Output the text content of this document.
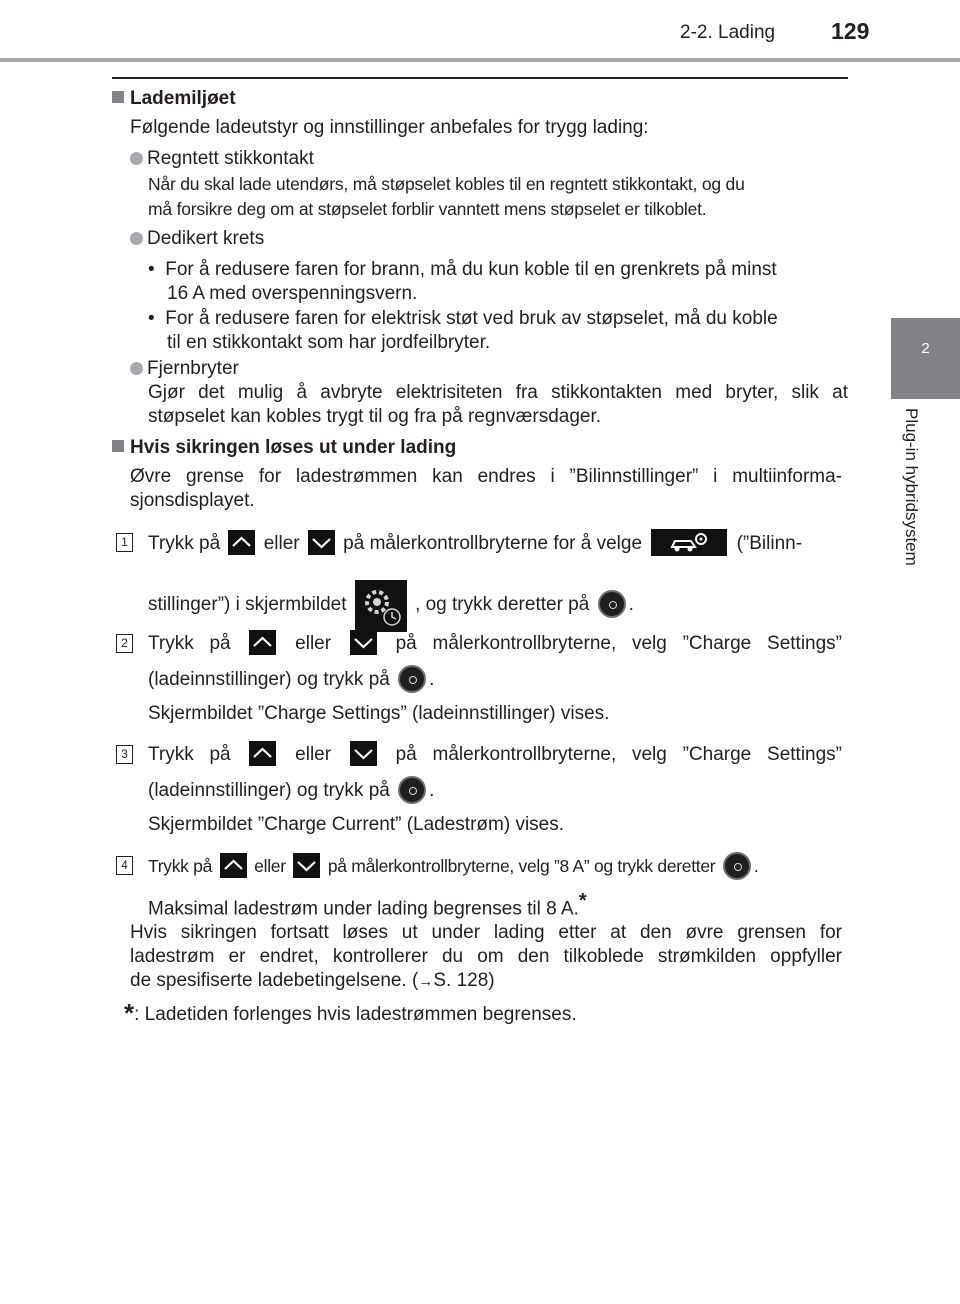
2-2. Lading 129
2
Plug-in hybridsystem
Lademiljøet
Følgende ladeutstyr og innstillinger anbefales for trygg lading:
Regntett stikkontakt
Når du skal lade utendørs, må støpselet kobles til en regntett stikkontakt, og du
må forsikre deg om at støpselet forblir vanntett mens støpselet er tilkoblet.
Dedikert krets
•  For å redusere faren for brann, må du kun koble til en grenkrets på minst
16 A med overspenningsvern.
•  For å redusere faren for elektrisk støt ved bruk av støpselet, må du koble
til en stikkontakt som har jordfeilbryter.
Fjernbryter
Gjør det mulig å avbryte elektrisiteten fra stikkontakten med bryter, slik at
støpselet kan kobles trygt til og fra på regnværsdager.
Hvis sikringen løses ut under lading
Øvre grense for ladestrømmen kan endres i ”Bilinnstillinger” i multiinforma-
sjonsdisplayet.
1 Trykk på eller på målerkontrollbryterne for å velge	(”Bilinn-
stillinger”) i skjermbildet	, og trykk deretter på .
2 Trykk på	eller	på målerkontrollbryterne, velg ”Charge Settings”
(ladeinnstillinger) og trykk på .
Skjermbildet ”Charge Settings” (ladeinnstillinger) vises.
3 Trykk på	eller	på målerkontrollbryterne, velg ”Charge Settings”
(ladeinnstillinger) og trykk på .
Skjermbildet ”Charge Current” (Ladestrøm) vises.
4 Trykk på eller på målerkontrollbryterne, velg ”8 A” og trykk deretter .
Maksimal ladestrøm under lading begrenses til 8 A.*
Hvis sikringen fortsatt løses ut under lading etter at den øvre grensen for
ladestrøm er endret, kontrollerer du om den tilkoblede strømkilden oppfyller
de spesifiserte ladebetingelsene. (→S. 128)
*: Ladetiden forlenges hvis ladestrømmen begrenses.
